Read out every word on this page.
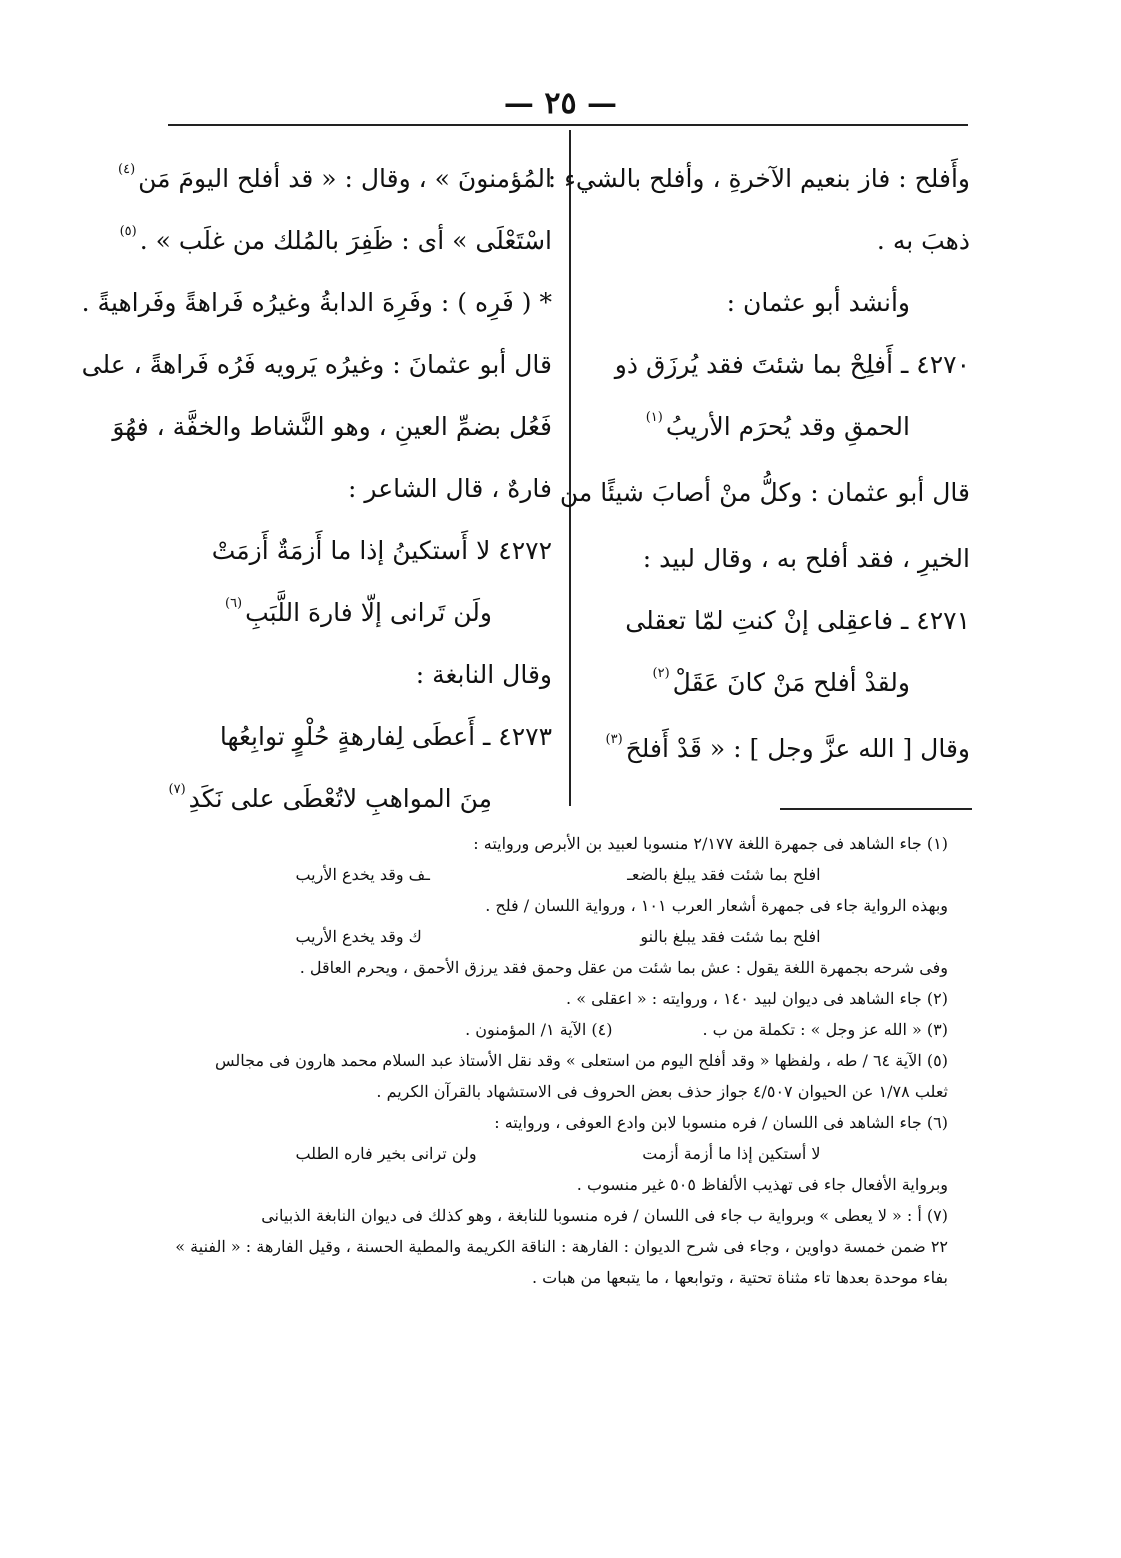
— ٢٥ —
وأَفلح : فاز بنعيم الآخرةِ ، وأفلح بالشيء :
ذهبَ به .
وأنشد أبو عثمان :
٤٢٧٠ ـ أَفلِحْ بما شئتَ فقد يُرزَق ذو
الحمقِ وقد يُحرَم الأريبُ$^{(١)}$
قال أبو عثمان : وكلُّ منْ أصابَ شيئًا من
الخيرِ ، فقد أفلح به ، وقال لبيد :
٤٢٧١ ـ فاعقِلى إنْ كنتِ لمّا تعقلى
ولقدْ أفلح مَنْ كانَ عَقَلْ$^{(٢)}$
وقال [ الله عزَّ وجل ] : « قَدْ أَفلحَ$^{(٣)}$
المُؤمنونَ » ، وقال : « قد أفلح اليومَ مَن$^{(٤)}$
اسْتَعْلَى » أى : ظَفِرَ بالمُلك من غلَب » .$^{(٥)}$
* ( فَرِه ) : وفَرِهَ الدابةُ وغيرُه فَراهةً وفَراهيةً .
قال أبو عثمانَ : وغيرُه يَرويه فَرُه فَراهةً ، على
فَعُل بضمِّ العينِ ، وهو النَّشاط والخفَّة ، فهُوَ
فارهٌ ، قال الشاعر :
٤٢٧٢ لا أَستكينُ إذا ما أَزمَةٌ أَزمَتْ
ولَن تَرانى إلّا فارهَ اللَّبَبِ$^{(٦)}$
وقال النابغة :
٤٢٧٣ ـ أَعطَى لِفارهةٍ حُلْوٍ توابِعُها
مِنَ المواهبِ لاتُعْطَى على نَكَدِ$^{(٧)}$
(١) جاء الشاهد فى جمهرة اللغة ٢/١٧٧ منسوبا لعبيد بن الأبرص وروايته :
افلح بما شئت فقد يبلغ بالضعـ ـف وقد يخدع الأريب
وبهذه الرواية جاء فى جمهرة أشعار العرب ١٠١ ، ورواية اللسان / فلح .
افلح بما شئت فقد يبلغ بالنو ك وقد يخدع الأريب
وفى شرحه بجمهرة اللغة يقول : عش بما شئت من عقل وحمق فقد يرزق الأحمق ، ويحرم العاقل .
(٢) جاء الشاهد فى ديوان لبيد ١٤٠ ، وروايته : « اعقلى » .
(٣) « الله عز وجل » : تكملة من ب .
(٤) الآية ١/ المؤمنون .
(٥) الآية ٦٤ / طه ، ولفظها « وقد أفلح اليوم من استعلى » وقد نقل الأستاذ عبد السلام محمد هارون فى مجالس
ثعلب ١/٧٨ عن الحيوان ٤/٥٠٧ جواز حذف بعض الحروف فى الاستشهاد بالقرآن الكريم .
(٦) جاء الشاهد فى اللسان / فره منسوبا لابن وادع العوفى ، وروايته :
لا أستكين إذا ما أزمة أزمت ولن ترانى بخير فاره الطلب
وبرواية الأفعال جاء فى تهذيب الألفاظ ٥٠٥ غير منسوب .
(٧) أ : « لا يعطى » وبرواية ب جاء فى اللسان / فره منسوبا للنابغة ، وهو كذلك فى ديوان النابغة الذبيانى
٢٢ ضمن خمسة دواوين ، وجاء فى شرح الديوان : الفارهة : الناقة الكريمة والمطية الحسنة ، وقيل الفارهة : « الفنية »
بفاء موحدة بعدها تاء مثناة تحتية ، وتوابعها ، ما يتبعها من هبات .
